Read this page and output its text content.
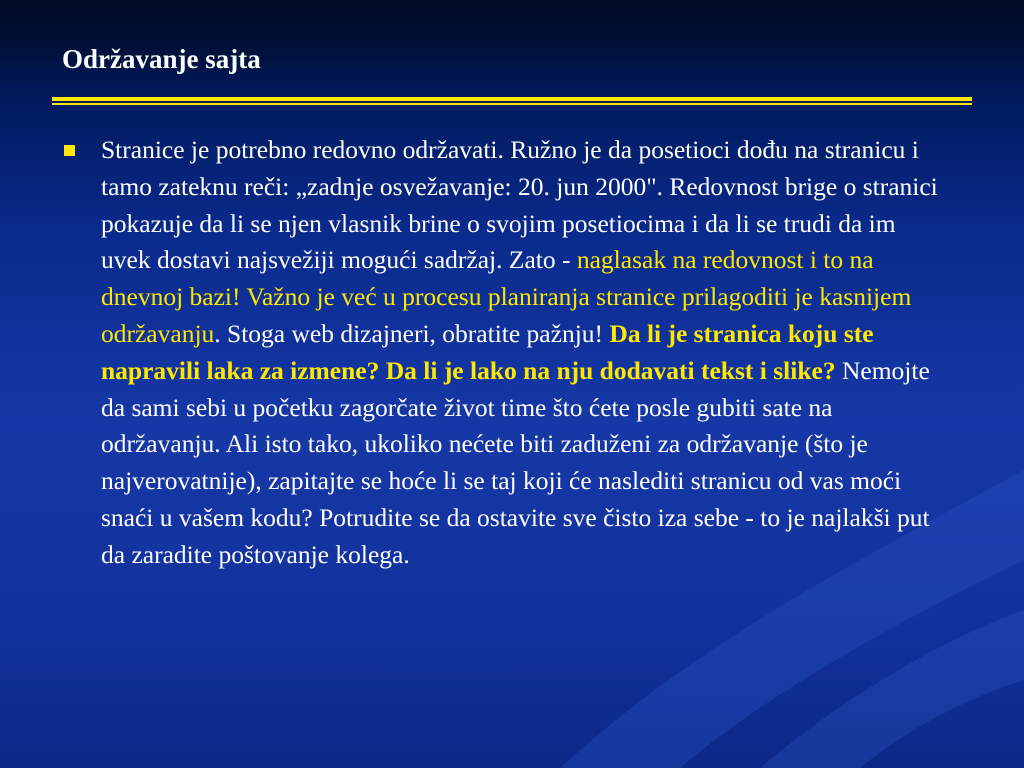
Održavanje sajta

Stranice je potrebno redovno održavati. Ružno je da posetioci dođu na stranicu i tamo zateknu reči: „zadnje osvežavanje: 20. jun 2000". Redovnost brige o stranici pokazuje da li se njen vlasnik brine o svojim posetiocima i da li se trudi da im uvek dostavi najsvežiji mogući sadržaj. Zato - naglasak na redovnost i to na dnevnoj bazi! Važno je već u procesu planiranja stranice prilagoditi je kasnijem održavanju. Stoga web dizajneri, obratite pažnju! Da li je stranica koju ste napravili laka za izmene? Da li je lako na nju dodavati tekst i slike? Nemojte da sami sebi u početku zagorčate život time što ćete posle gubiti sate na održavanju. Ali isto tako, ukoliko nećete biti zaduženi za održavanje (što je najverovatnije), zapitajte se hoće li se taj koji će naslediti stranicu od vas moći snaći u vašem kodu? Potrudite se da ostavite sve čisto iza sebe - to je najlakši put da zaradite poštovanje kolega.
